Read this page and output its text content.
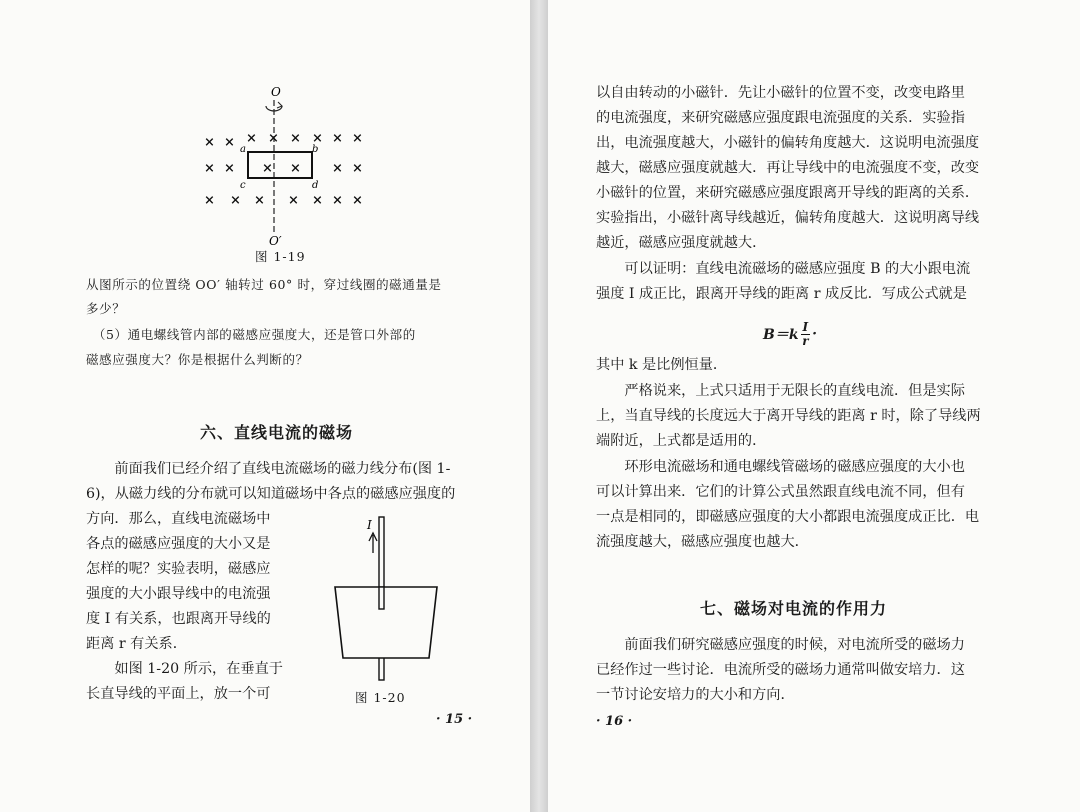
O
a	b
c	d
× × × × × × × ×
× × × × × ×
× × × × × × ×
O′
图 1-19
从图所示的位置绕 OO′ 轴转过 60° 时，穿过线圈的磁通量是
多少？
　（5）通电螺线管内部的磁感应强度大，还是管口外部的
磁感应强度大？你是根据什么判断的？
六、直线电流的磁场
　　前面我们已经介绍了直线电流磁场的磁力线分布(图 1-
6)，从磁力线的分布就可以知道磁场中各点的磁感应强度的
方向．那么，直线电流磁场中
各点的磁感应强度的大小又是
怎样的呢？实验表明，磁感应
强度的大小跟导线中的电流强
度 I 有关系，也跟离开导线的
距离 r 有关系．
　　如图 1-20 所示，在垂直于
长直导线的平面上，放一个可
I
图 1-20
· 15 ·
以自由转动的小磁针．先让小磁针的位置不变，改变电路里
的电流强度，来研究磁感应强度跟电流强度的关系．实验指
出，电流强度越大，小磁针的偏转角度越大．这说明电流强度
越大，磁感应强度就越大．再让导线中的电流强度不变，改变
小磁针的位置，来研究磁感应强度跟离开导线的距离的关系．
实验指出，小磁针离导线越近，偏转角度越大．这说明离导线
越近，磁感应强度就越大．
　　可以证明：直线电流磁场的磁感应强度 B 的大小跟电流
强度 I 成正比，跟离开导线的距离 r 成反比．写成公式就是
$B=k \frac{I}{r}$ ·
其中 k 是比例恒量．
　　严格说来，上式只适用于无限长的直线电流．但是实际
上，当直导线的长度远大于离开导线的距离 r 时，除了导线两
端附近，上式都是适用的．
　　环形电流磁场和通电螺线管磁场的磁感应强度的大小也
可以计算出来．它们的计算公式虽然跟直线电流不同，但有
一点是相同的，即磁感应强度的大小都跟电流强度成正比．电
流强度越大，磁感应强度也越大．
七、磁场对电流的作用力
　　前面我们研究磁感应强度的时候，对电流所受的磁场力
已经作过一些讨论．电流所受的磁场力通常叫做安培力．这
一节讨论安培力的大小和方向．
· 16 ·
